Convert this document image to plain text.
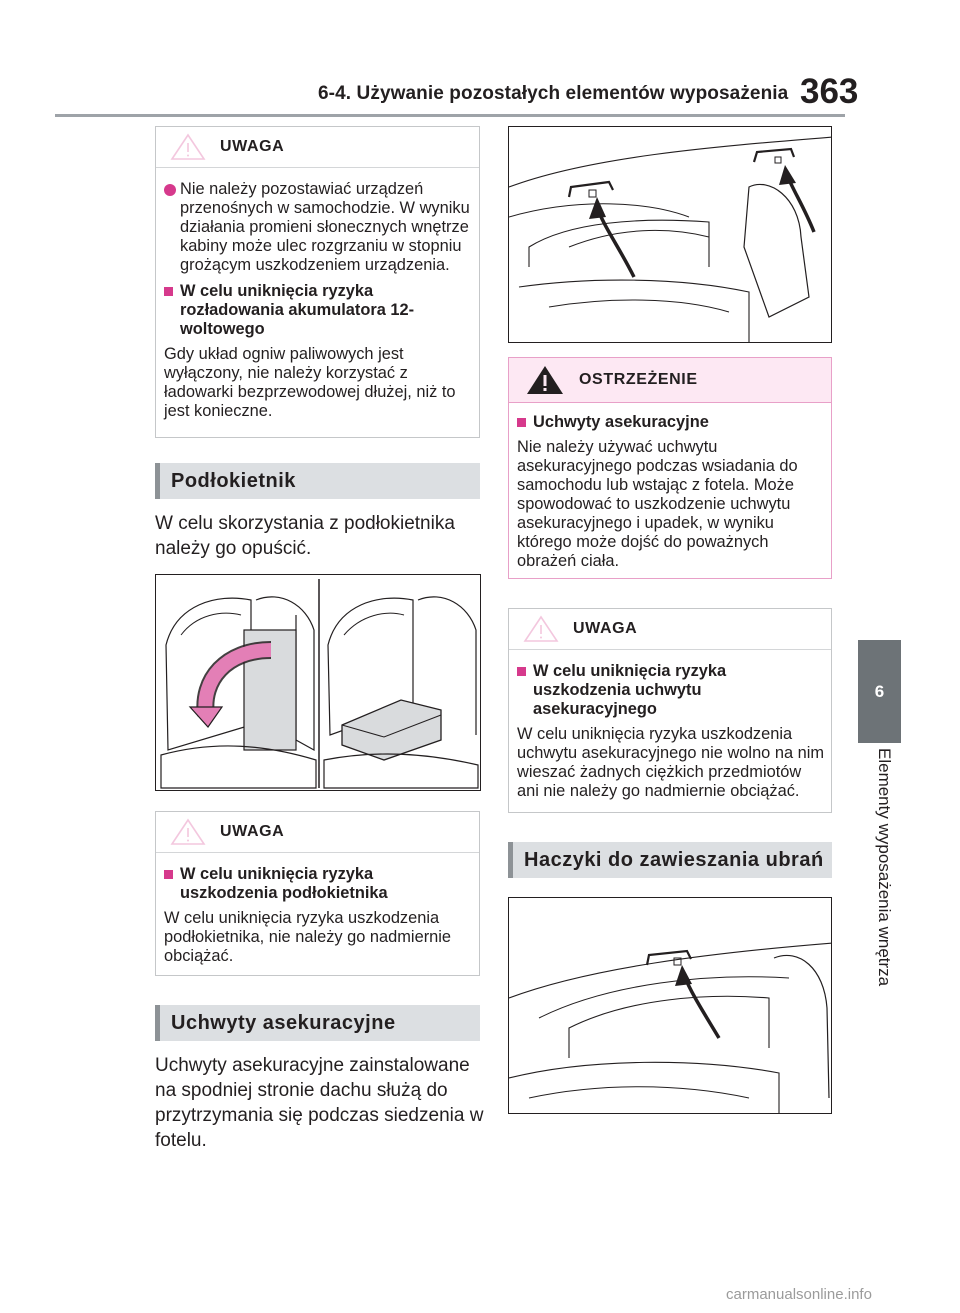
6-4. Używanie pozostałych elementów wyposażenia 363
6
Elementy wyposażenia wnętrza
UWAGA
Nie należy pozostawiać urządzeń przenośnych w samochodzie. W wyniku działania promieni słonecznych wnętrze kabiny może ulec rozgrzaniu w stopniu grożącym uszkodzeniem urządzenia.
W celu uniknięcia ryzyka rozładowania akumulatora 12-woltowego
Gdy układ ogniw paliwowych jest wyłączony, nie należy korzystać z ładowarki bezprzewodowej dłużej, niż to jest konieczne.
Podłokietnik
W celu skorzystania z podłokietnika należy go opuścić.
UWAGA
W celu uniknięcia ryzyka uszkodzenia podłokietnika
W celu uniknięcia ryzyka uszkodzenia podłokietnika, nie należy go nadmiernie obciążać.
Uchwyty asekuracyjne
Uchwyty asekuracyjne zainstalowane na spodniej stronie dachu służą do przytrzymania się podczas siedzenia w fotelu.
OSTRZEŻENIE
Uchwyty asekuracyjne
Nie należy używać uchwytu asekuracyjnego podczas wsiadania do samochodu lub wstając z fotela. Może spowodować to uszkodzenie uchwytu asekuracyjnego i upadek, w wyniku którego może dojść do poważnych obrażeń ciała.
UWAGA
W celu uniknięcia ryzyka uszkodzenia uchwytu asekuracyjnego
W celu uniknięcia ryzyka uszkodzenia uchwytu asekuracyjnego nie wolno na nim wieszać żadnych ciężkich przedmiotów ani nie należy go nadmiernie obciążać.
Haczyki do zawieszania ubrań
carmanualsonline.info
